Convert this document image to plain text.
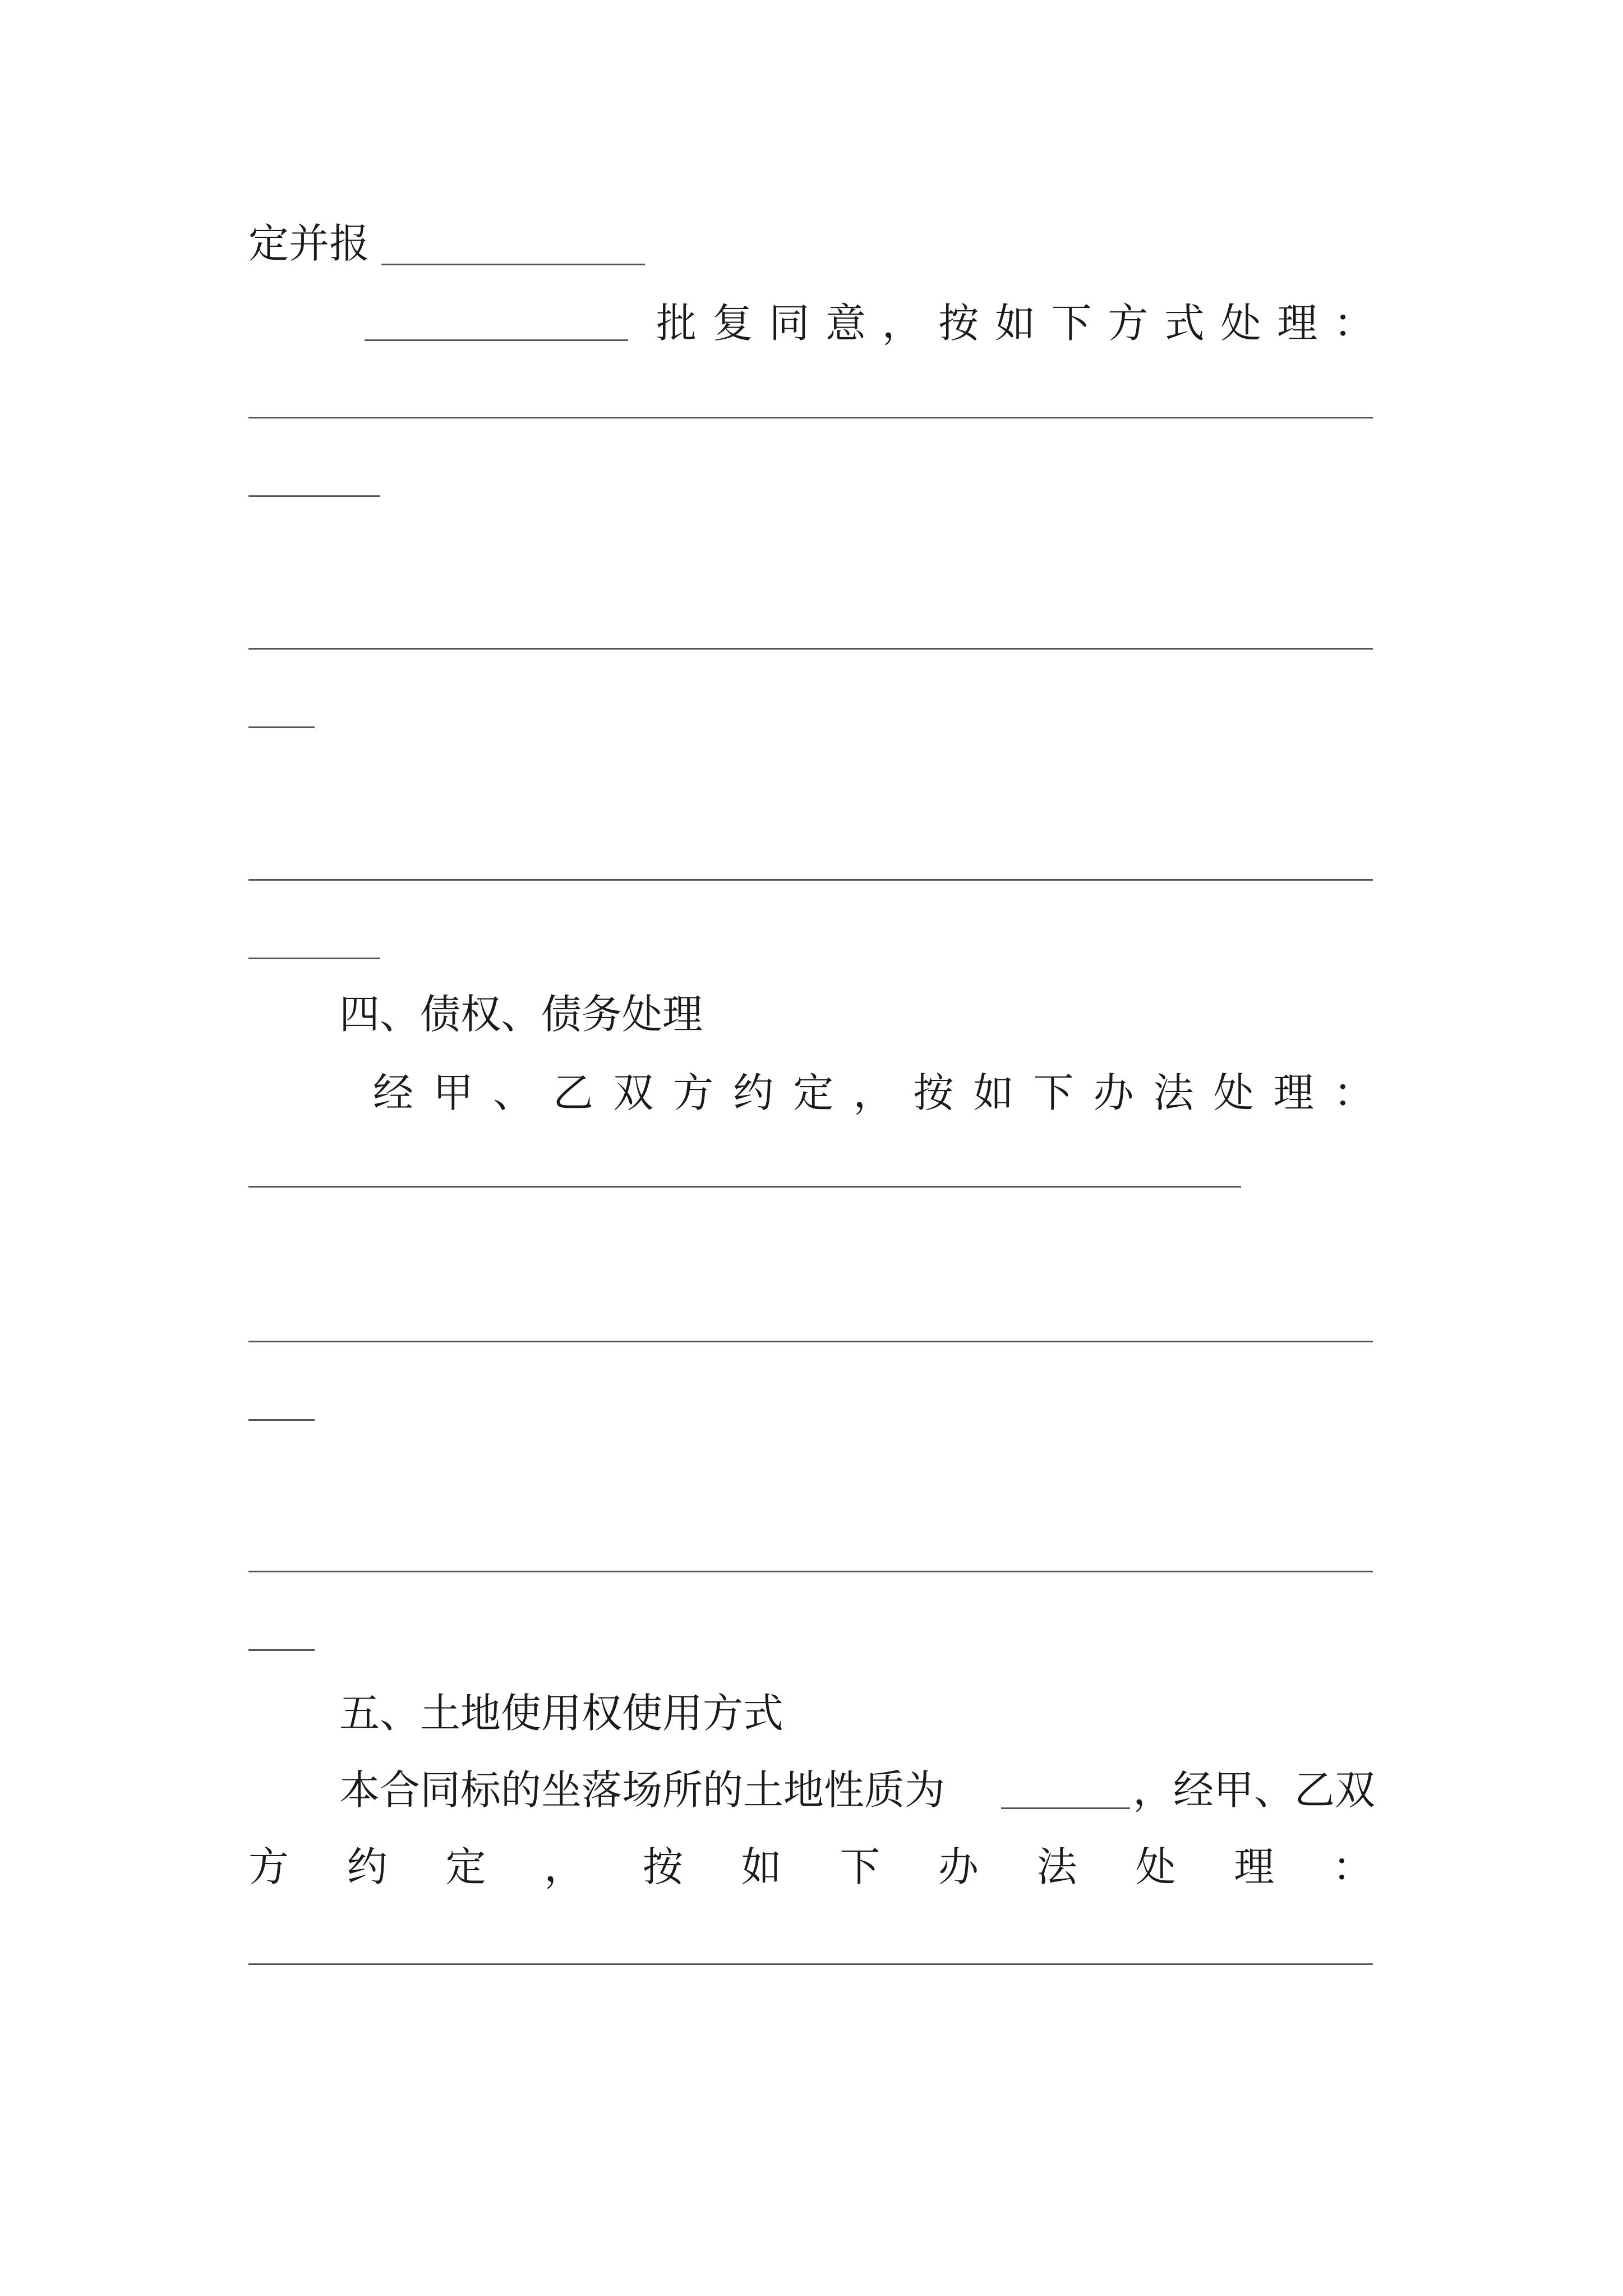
定并报
批 复 同 意 ， 按 如 下 方 式 处 理 ：
四、债权、债务处理
经 甲 、 乙 双 方 约 定 ， 按 如 下 办 法 处 理 ：
五、土地使用权使用方式
本合同标的坐落场所的土地性质为	，经甲、乙双
方 约 定 ， 按 如 下 办 法 处 理 ：
